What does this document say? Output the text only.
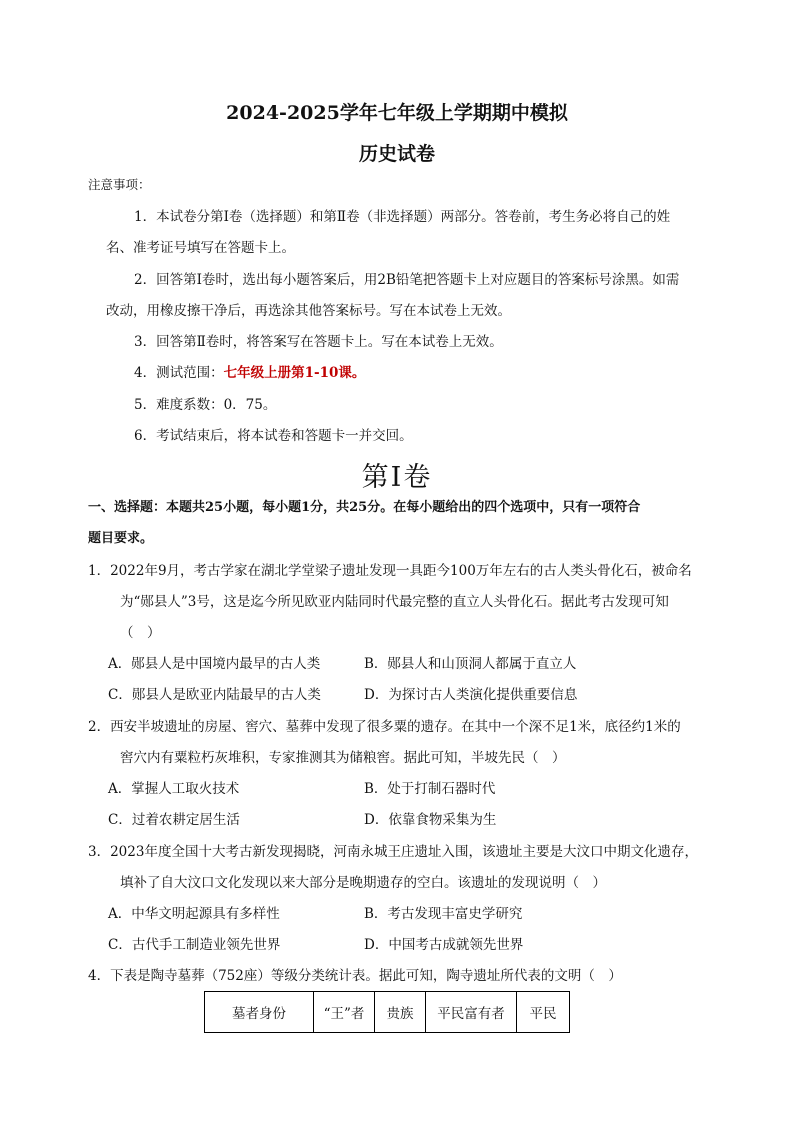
2024-2025学年七年级上学期期中模拟
历史试卷
注意事项：
1．本试卷分第Ⅰ卷（选择题）和第Ⅱ卷（非选择题）两部分。答卷前，考生务必将自己的姓
名、准考证号填写在答题卡上。
2．回答第Ⅰ卷时，选出每小题答案后，用2B铅笔把答题卡上对应题目的答案标号涂黑。如需
改动，用橡皮擦干净后，再选涂其他答案标号。写在本试卷上无效。
3．回答第Ⅱ卷时，将答案写在答题卡上。写在本试卷上无效。
4．测试范围：七年级上册第1-10课。
5．难度系数：0．75。
6．考试结束后，将本试卷和答题卡一并交回。
第Ⅰ卷
一、选择题：本题共25小题，每小题1分，共25分。在每小题给出的四个选项中，只有一项符合
题目要求。
1．2022年9月，考古学家在湖北学堂梁子遗址发现一具距今100万年左右的古人类头骨化石，被命名
为“郧县人”3号，这是迄今所见欧亚内陆同时代最完整的直立人头骨化石。据此考古发现可知
（　）
A．郧县人是中国境内最早的古人类	B．郧县人和山顶洞人都属于直立人
C．郧县人是欧亚内陆最早的古人类	D．为探讨古人类演化提供重要信息
2．西安半坡遗址的房屋、窖穴、墓葬中发现了很多粟的遗存。在其中一个深不足1米，底径约1米的
窖穴内有粟粒朽灰堆积，专家推测其为储粮窖。据此可知，半坡先民（　）
A．掌握人工取火技术	B．处于打制石器时代
C．过着农耕定居生活	D．依靠食物采集为生
3．2023年度全国十大考古新发现揭晓，河南永城王庄遗址入围，该遗址主要是大汶口中期文化遗存，
填补了自大汶口文化发现以来大部分是晚期遗存的空白。该遗址的发现说明（　）
A．中华文明起源具有多样性	B．考古发现丰富史学研究
C．古代手工制造业领先世界	D．中国考古成就领先世界
4．下表是陶寺墓葬（752座）等级分类统计表。据此可知，陶寺遗址所代表的文明（　）
墓者身份	“王”者	贵族	平民富有者	平民
